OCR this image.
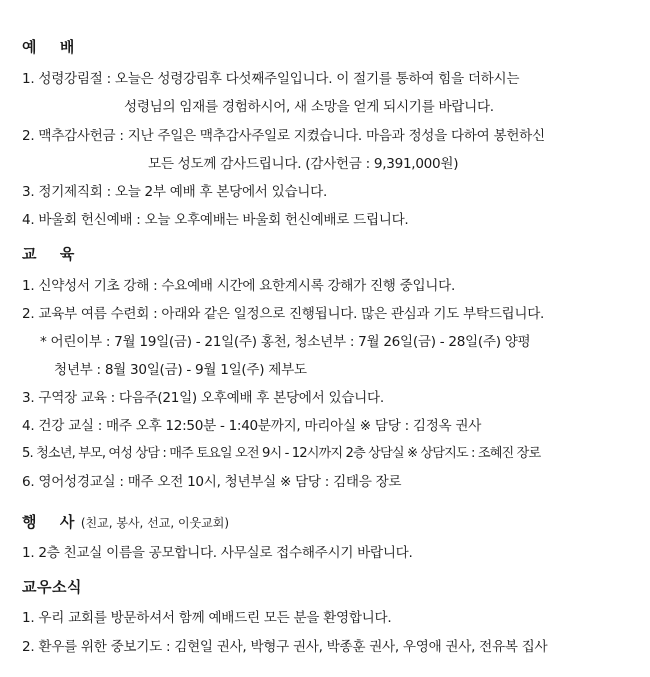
예    배
1. 성령강림절 : 오늘은 성령강림후 다섯째주일입니다. 이 절기를 통하여 힘을 더하시는
성령님의 임재를 경험하시어, 새 소망을 얻게 되시기를 바랍니다.
2. 맥추감사헌금 : 지난 주일은 맥추감사주일로 지켰습니다. 마음과 정성을 다하여 봉헌하신
모든 성도께 감사드립니다. (감사헌금 : 9,391,000원)
3. 정기제직회 : 오늘 2부 예배 후 본당에서 있습니다.
4. 바울회 헌신예배 : 오늘 오후예배는 바울회 헌신예배로 드립니다.
교    육
1. 신약성서 기초 강해 : 수요예배 시간에 요한계시록 강해가 진행 중입니다.
2. 교육부 여름 수련회 : 아래와 같은 일정으로 진행됩니다. 많은 관심과 기도 부탁드립니다.
* 어린이부 : 7월 19일(금) - 21일(주) 홍천, 청소년부 : 7월 26일(금) - 28일(주) 양평
청년부 : 8월 30일(금) - 9월 1일(주) 제부도
3. 구역장 교육 : 다음주(21일) 오후예배 후 본당에서 있습니다.
4. 건강 교실 : 매주 오후 12:50분 - 1:40분까지, 마리아실 ※ 담당 : 김정옥 권사
5. 청소년, 부모, 여성 상담 : 매주 토요일 오전 9시 - 12시까지 2층 상담실 ※ 상담지도 : 조혜진 장로
6. 영어성경교실 : 매주 오전 10시, 청년부실 ※ 담당 : 김태응 장로
행    사 (친교, 봉사, 선교, 이웃교회)
1. 2층 친교실 이름을 공모합니다. 사무실로 접수해주시기 바랍니다.
교우소식
1. 우리 교회를 방문하셔서 함께 예배드린 모든 분을 환영합니다.
2. 환우를 위한 중보기도 : 김현일 권사, 박형구 권사, 박종훈 권사, 우영애 권사, 전유복 집사
